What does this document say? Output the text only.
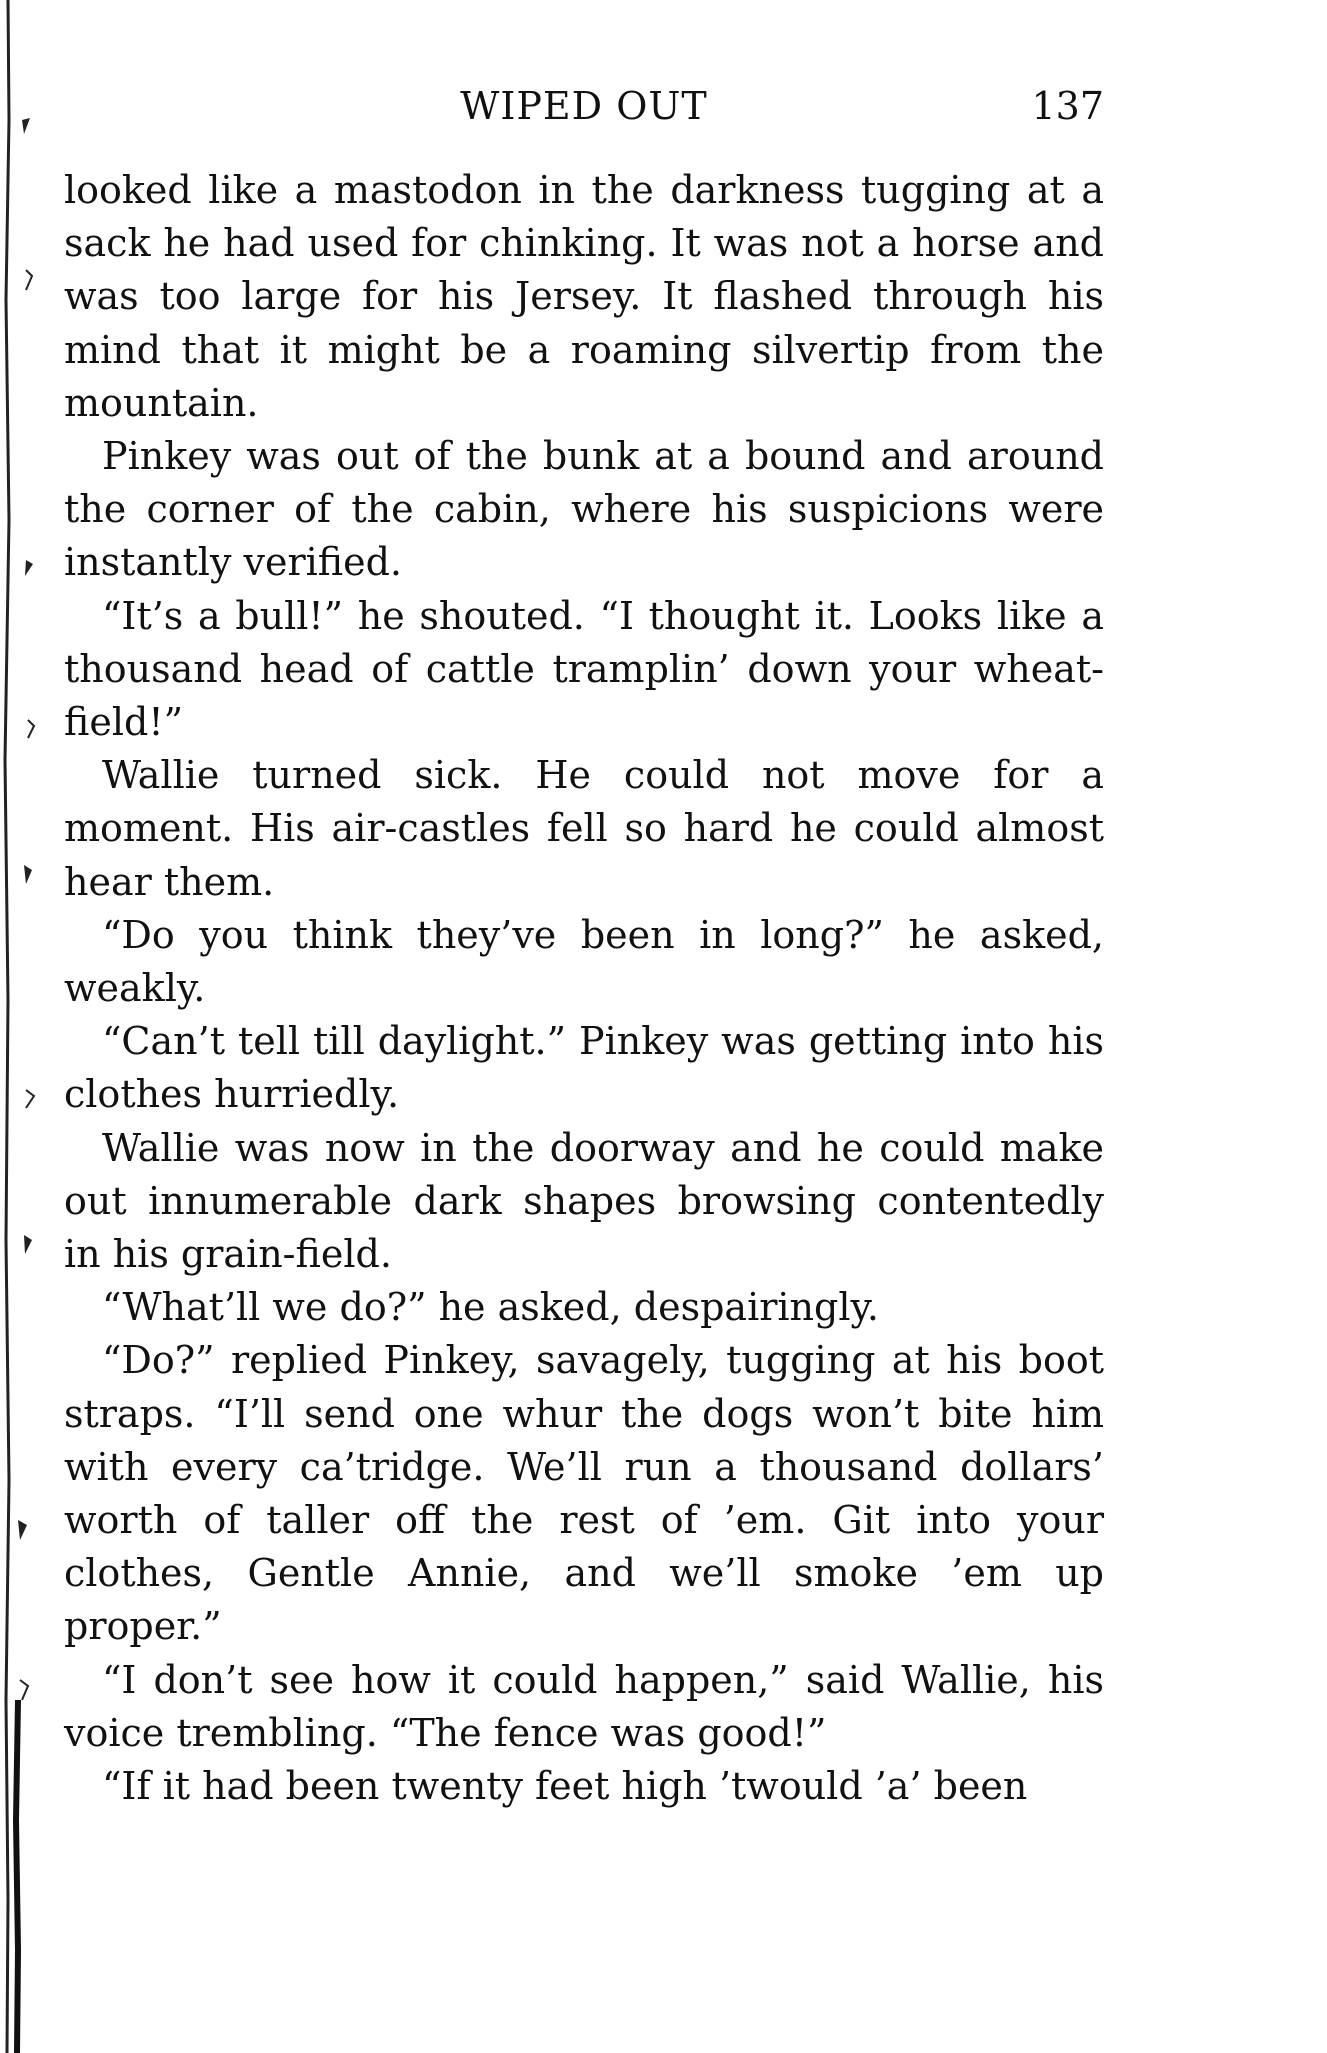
WIPED OUT	137

looked like a mastodon in the darkness tugging at a sack he had used for chinking. It was not a horse and was too large for his Jersey. It flashed through his mind that it might be a roaming silvertip from the mountain.

Pinkey was out of the bunk at a bound and around the corner of the cabin, where his suspicions were instantly verified.

“It’s a bull!” he shouted. “I thought it. Looks like a thousand head of cattle tramplin’ down your wheat-field!”

Wallie turned sick. He could not move for a moment. His air-castles fell so hard he could almost hear them.

“Do you think they’ve been in long?” he asked, weakly.

“Can’t tell till daylight.” Pinkey was getting into his clothes hurriedly.

Wallie was now in the doorway and he could make out innumerable dark shapes browsing contentedly in his grain-field.

“What’ll we do?” he asked, despairingly.

“Do?” replied Pinkey, savagely, tugging at his boot straps. “I’ll send one whur the dogs won’t bite him with every ca’tridge. We’ll run a thousand dollars’ worth of taller off the rest of ’em. Git into your clothes, Gentle Annie, and we’ll smoke ’em up proper.”

“I don’t see how it could happen,” said Wallie, his voice trembling. “The fence was good!”

“If it had been twenty feet high ’twould ’a’ been
